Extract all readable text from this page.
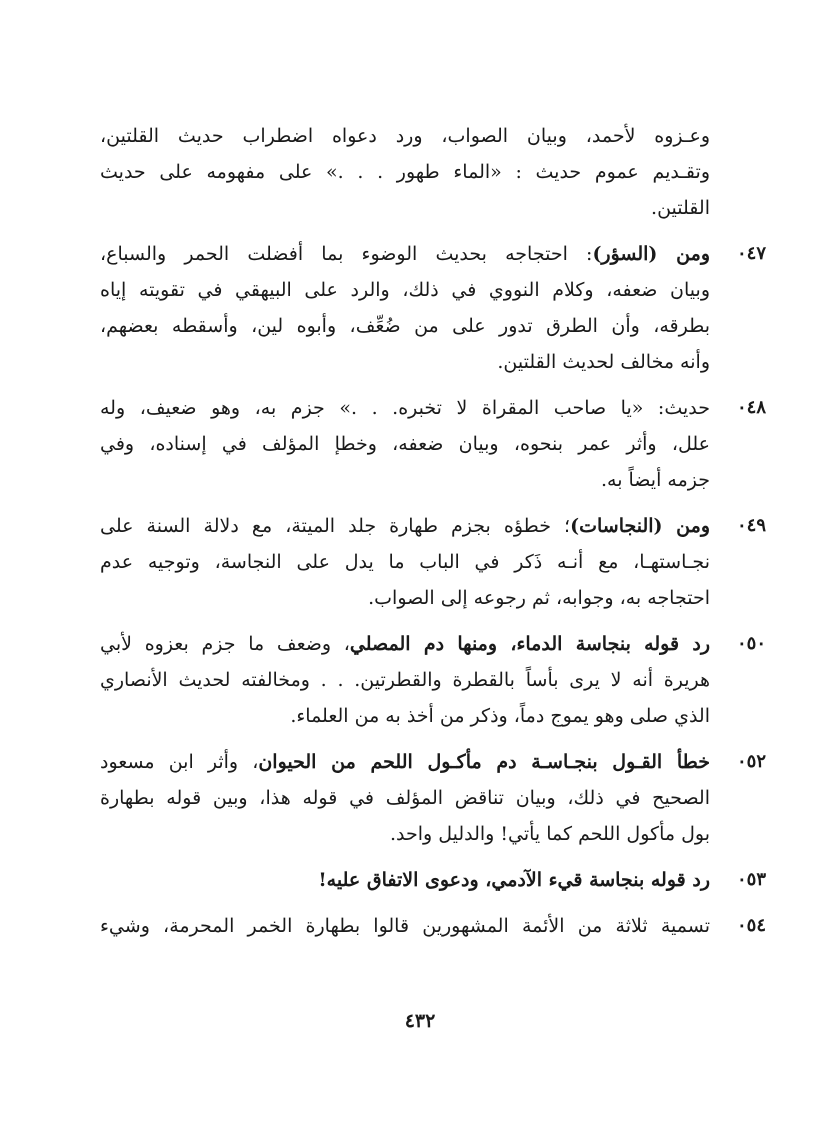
وعـزوه لأحمد، وبيان الصواب، ورد دعواه اضطراب حديث القلتين،
وتقـديم عموم حديث : «الماء طهور . . .» على مفهومه على حديث
القلتين.
٠٤٧
ومن (السؤر): احتجاجه بحديث الوضوء بما أفضلت الحمر والسباع،
وبيان ضعفه، وكلام النووي في ذلك، والرد على البيهقي في تقويته إياه
بطرقه، وأن الطرق تدور على من ضُعِّف، وأبوه لين، وأسقطه بعضهم،
وأنه مخالف لحديث القلتين.
٠٤٨
حديث: «يا صاحب المقراة لا تخبره. . .» جزم به، وهو ضعيف، وله
علل، وأثر عمر بنحوه، وبيان ضعفه، وخطإ المؤلف في إسناده، وفي
جزمه أيضاً به.
٠٤٩
ومن (النجاسات)؛ خطؤه بجزم طهارة جلد الميتة، مع دلالة السنة على
نجـاستهـا، مع أنـه ذَكر في الباب ما يدل على النجاسة، وتوجيه عدم
احتجاجه به، وجوابه، ثم رجوعه إلى الصواب.
٠٥٠
رد قوله بنجاسة الدماء، ومنها دم المصلي، وضعف ما جزم بعزوه لأبي
هريرة أنه لا يرى بأساً بالقطرة والقطرتين. . . ومخالفته لحديث الأنصاري
الذي صلى وهو يموج دماً، وذكر من أخذ به من العلماء.
٠٥٢
خطأ القـول بنجـاسـة دم مأكـول اللحم من الحيوان، وأثر ابن مسعود
الصحيح في ذلك، وبيان تناقض المؤلف في قوله هذا، وبين قوله بطهارة
بول مأكول اللحم كما يأتي! والدليل واحد.
٠٥٣
رد قوله بنجاسة قيء الآدمي، ودعوى الاتفاق عليه!
٠٥٤
تسمية ثلاثة من الأئمة المشهورين قالوا بطهارة الخمر المحرمة، وشيء
٤٣٢
